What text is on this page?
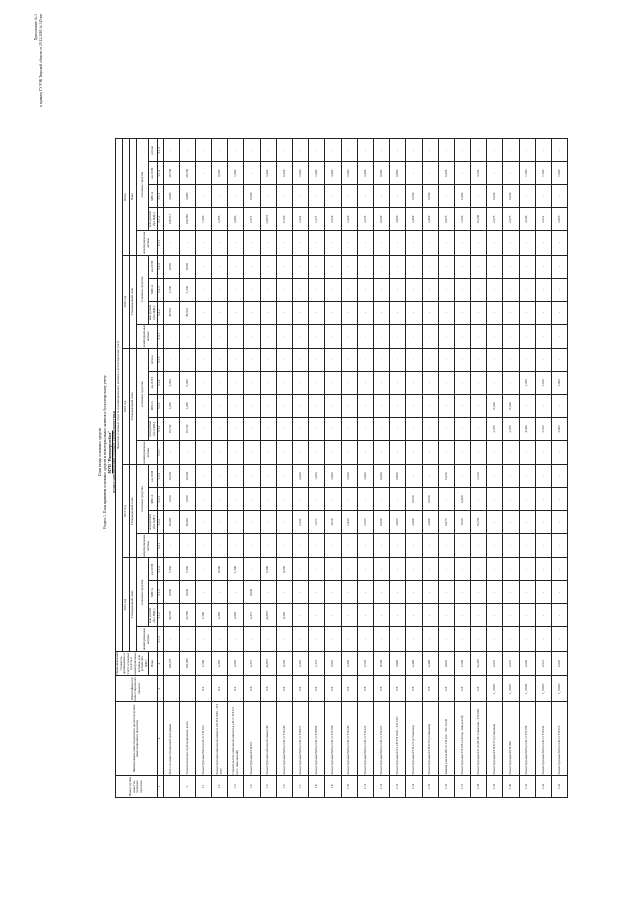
Приложение № 3 к приказу ГУ РЭК Тверской области от 29.12.2018 № 345-нп
План ввода основных средств Раздел 1. План принятия основных средств и нематериальных активов к бухгалтерскому учету МУП "Ржевэнергосбыт" полное наименование субъекта электроэнергетики
Номер группы инвести-ционных проектов	Наименование инвестиционного проекта (группы инвестиционных проектов)	Идентифика-тор инвестиционного проекта	Первоначальная стоимость принимаемых к учету основных средств и нематериальных активов, млн рублей (без НДС)	Принятие основных средств и нематериальных активов к бухгалтерскому учету																					
				2016 год				2017 год				2018 год					2019 год				Итого				
				Утвержденный план				Утвержденный план				Утвержденный план					Утвержденный план				План				
				нематериальные активы	основные средства			нематериальные активы	основные средства			нематериальные активы	основные средства				нематериальные активы	основные средства			нематериальные активы	основные средства			
			План		млн рублей (без НДС)	МВ×А	км ЛЭП		млн рублей (без НДС)	МВ×А	км ЛЭП		млн рублей (без НДС)	МВ×А	км ЛЭП	штуки		млн рублей (без НДС)	МВ×А	км ЛЭП		млн рублей (без НДС)	МВ×А	км ЛЭП	штуки
1	2	3	4	5.1.1	5.1.2	5.1.3	5.1.4	5.2.1	5.2.2	5.2.3	5.2.4	5.3.1	5.3.2	5.3.3	5.3.4	5.3.5	5.4.1	5.4.2	5.4.3	5.4.4	6.1.1	6.1.2	6.1.3	6.1.4	6.1.5
	Всего по инвестиционной программе		129,671	-	39,538	6,930	7,450	-	39,495	1,660	10,250	-	19,742	1,260	5,200	-	-	38,564	1,330	9,820	-	129,671	4,980	28,730	-
1.	Технологическое присоединение, всего		129,685	-	33,788	0,630	7,450	-	39,491	1,660	10,250	-	19,742	1,260	5,200	-	-	38,564	1,330	9,820	-	129,685	4,980	28,730	-
1.1	Реконструкция ВЛ-0,4 кВ от ТП 103	K2	1,500	-	1,500	-	-	-	-	-	-	-	-	-	-	-	-	-	-	-	-	1,500	-	-	-
1.2	Реконструкция кабельной линии 6 кВ ТП 1030 - ТП 1107	K2	2,305	-	2,305	-	0,500	-	-	-	-	-	-	-	-	-	-	-	-	-	-	2,305	-	0,500	-
1.3	Строительство кабельной линии 0,4 кВ от ТП-3/4 (пос. Заволжский)	K2	2,093	-	2,093	-	1,300	-	-	-	-	-	-	-	-	-	-	-	-	-	-	2,093	-	1,300	-
1.4	Реконструкция КТП-8/5	K8	2,371	-	2,371	0,630	-	-	-	-	-	-	-	-	-	-	-	-	-	-	-	2,371	0,630	-	-
1.5	Реконструкция кабельной линии ПС	K8	24,873	-	24,873	-	5,400	-	-	-	-	-	-	-	-	-	-	-	-	-	-	24,873	-	5,400	-
1.6	Реконструкция ВЛ 0,4 кВ от ТП 240	K8	0,746	-	0,746	-	0,250	-	-	-	-	-	-	-	-	-	-	-	-	-	-	0,746	-	0,250	-
1.7	Реконструкция ВЛ 0,4 кВ от ТП 827	K8	2,342	-	-	-	-	-	2,342	-	2,200	-	-	-	-	-	-	-	-	-	-	2,342	-	2,200	-
1.8	Реконструкция ВЛ 0,4 кВ от ТП 804	K8	1,377	-	-	-	-	-	1,377	-	1,200	-	-	-	-	-	-	-	-	-	-	1,377	-	1,200	-
1.9	Реконструкция ВЛ 0,4 кВ от ТП 108	K8	3,619	-	-	-	-	-	3,619	-	3,400	-	-	-	-	-	-	-	-	-	-	3,619	-	3,400	-
1.10	Реконструкция ВЛ 0,4 кВ от ТП 240	K8	2,446	-	-	-	-	-	2,446	-	2,300	-	-	-	-	-	-	-	-	-	-	2,446	-	2,300	-
1.11	Реконструкция ВЛ 0,4 кВ от ТП 222	K8	2,535	-	-	-	-	-	2,535	-	2,400	-	-	-	-	-	-	-	-	-	-	2,535	-	2,400	-
1.12	Реконструкция ВЛ 0,4 кВ от ТП 207	K8	0,639	-	-	-	-	-	0,639	-	0,600	-	-	-	-	-	-	-	-	-	-	0,639	-	0,600	-
1.13	Реконструкция КЛ 6 кВ ТП 1030 - ТП 1107	K8	3,906	-	-	-	-	-	3,906	-	0,800	-	-	-	-	-	-	-	-	-	-	3,906	-	0,800	-
1.14	Реконструкция КТП-2/3 (установка)	K8	2,409	-	-	-	-	-	2,409	0,630	-	-	-	-	-	-	-	-	-	-	-	2,409	0,630	-	-
1.15	Реконструкция КТП-8/16 (установка)	K8	2,409	-	-	-	-	-	2,409	0,630	-	-	-	-	-	-	-	-	-	-	-	2,409	0,630	-	-
1.16	Замена участка ВЛ от ТП 222 - ТП 10 кВ	K8	0,976	-	-	-	-	-	0,976	-	0,250	-	-	-	-	-	-	-	-	-	-	0,976	-	0,250	-
1.17	Реконструкция ТП 108 (4-й пер. Заводской)	K8	1,650	-	-	-	-	-	1,650	0,400	-	-	-	-	-	-	-	-	-	-	-	1,650	0,400	-	-
1.18	Реконструкция КЛ 10 кВ ПС Ржевская - ТП 2ФЗ	K8	15,258	-	-	-	-	-	15,258	-	3,150	-	-	-	-	-	-	-	-	-	-	15,258	-	3,150	-
1.19	Реконструкция КТП-8/17 (установка)	I_Y0E2	2,675	-	-	-	-	-	-	-	-	-	2,675	0,630	-	-	-	-	-	-	-	2,675	0,630	-	-
1.20	Реконструкция КТП-399	I_Y0E7	2,675	-	-	-	-	-	-	-	-	-	2,675	0,630	-	-	-	-	-	-	-	2,675	0,630	-	-
1.21	Реконструкция ВЛ 0,4 кВ от ТП 188	I_Y0E4	4,640	-	-	-	-	-	-	-	-	-	4,640	-	1,700	-	-	-	-	-	-	4,640	-	1,700	-
1.22	Реконструкция ВЛ 0,4 кВ от ТП 642	I_Y0E5	2,612	-	-	-	-	-	-	-	-	-	2,612	-	1,100	-	-	-	-	-	-	2,612	-	1,100	-
1.23	Реконструкция ВЛ 0,4 кВ от ТП 315	I_Y0E6	2,825	-	-	-	-	-	-	-	-	-	2,825	-	1,600	-	-	-	-	-	-	2,825	-	1,600	-
